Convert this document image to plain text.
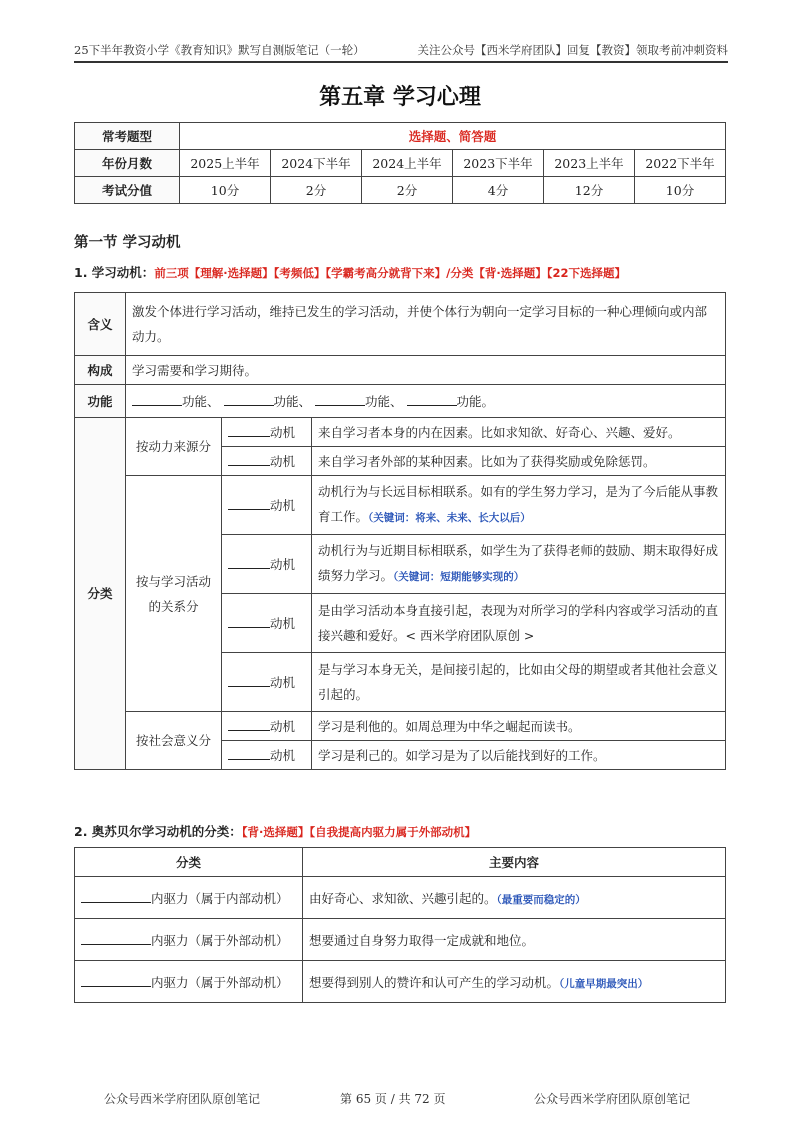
25下半年教资小学《教育知识》默写自测版笔记（一轮）	关注公众号【西米学府团队】回复【教资】领取考前冲刺资料
第五章 学习心理
常考题型	选择题、简答题					
年份月数	2025上半年	2024下半年	2024上半年	2023下半年	2023上半年	2022下半年
考试分值	10分	2分	2分	4分	12分	10分
第一节 学习动机
1. 学习动机：前三项【理解·选择题】【考频低】【学霸考高分就背下来】/分类【背·选择题】【22下选择题】
含义	激发个体进行学习活动，维持已发生的学习活动，并使个体行为朝向一定学习目标的一种心理倾向或内部动力。		
构成	学习需要和学习期待。		
功能	功能、 功能、 功能、 功能。		
分类	按动力来源分	动机	来自学习者本身的内在因素。比如求知欲、好奇心、兴趣、爱好。
		动机	来自学习者外部的某种因素。比如为了获得奖励或免除惩罚。
	按与学习活动的关系分	动机	动机行为与长远目标相联系。如有的学生努力学习，是为了今后能从事教育工作。（关键词：将来、未来、长大以后）
		动机	动机行为与近期目标相联系，如学生为了获得老师的鼓励、期末取得好成绩努力学习。（关键词：短期能够实现的）
		动机	是由学习活动本身直接引起，表现为对所学习的学科内容或学习活动的直接兴趣和爱好。< 西米学府团队原创 >
		动机	是与学习本身无关，是间接引起的，比如由父母的期望或者其他社会意义引起的。
	按社会意义分	动机	学习是利他的。如周总理为中华之崛起而读书。
		动机	学习是利己的。如学习是为了以后能找到好的工作。
2. 奥苏贝尔学习动机的分类：【背·选择题】【自我提高内驱力属于外部动机】
分类	主要内容
内驱力（属于内部动机）	由好奇心、求知欲、兴趣引起的。（最重要而稳定的）
内驱力（属于外部动机）	想要通过自身努力取得一定成就和地位。
内驱力（属于外部动机）	想要得到别人的赞许和认可产生的学习动机。（儿童早期最突出）
公众号西米学府团队原创笔记	第 65 页 / 共 72 页	公众号西米学府团队原创笔记
